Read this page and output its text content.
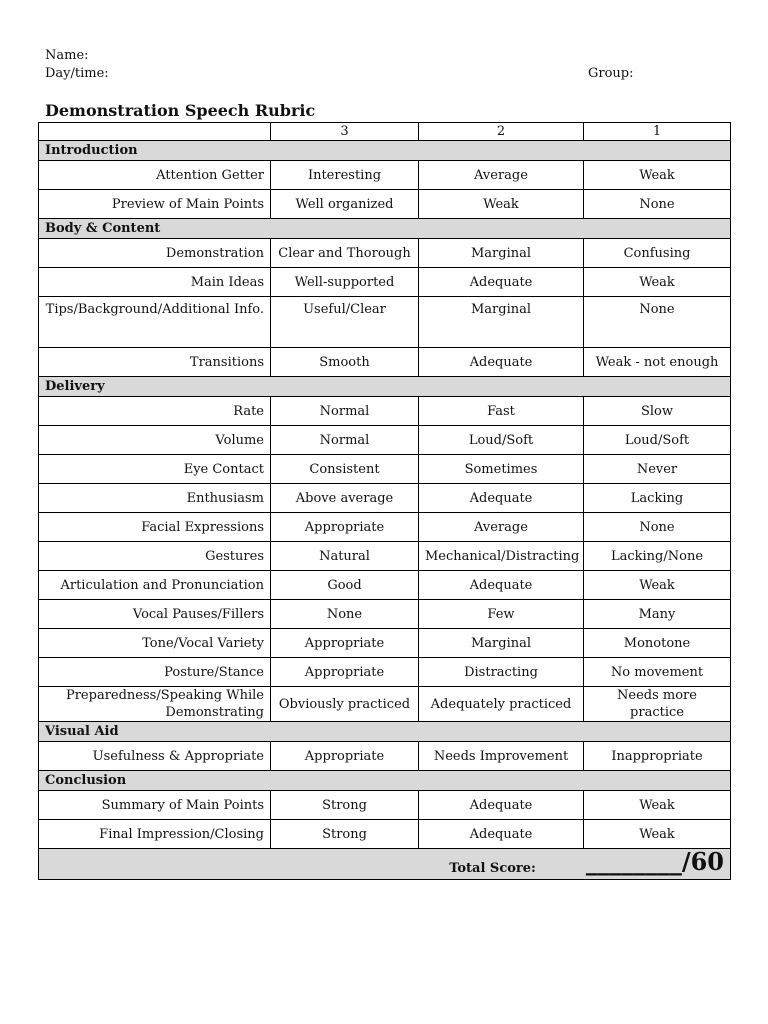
Name:
Day/time:	Group:
Demonstration Speech Rubric
	3	2	1
Introduction			
Attention Getter	Interesting	Average	Weak
Preview of Main Points	Well organized	Weak	None
Body & Content			
Demonstration	Clear and Thorough	Marginal	Confusing
Main Ideas	Well-supported	Adequate	Weak
Tips/Background/Additional Info.	Useful/Clear	Marginal	None
Transitions	Smooth	Adequate	Weak - not enough
Delivery			
Rate	Normal	Fast	Slow
Volume	Normal	Loud/Soft	Loud/Soft
Eye Contact	Consistent	Sometimes	Never
Enthusiasm	Above average	Adequate	Lacking
Facial Expressions	Appropriate	Average	None
Gestures	Natural	Mechanical/Distracting	Lacking/None
Articulation and Pronunciation	Good	Adequate	Weak
Vocal Pauses/Fillers	None	Few	Many
Tone/Vocal Variety	Appropriate	Marginal	Monotone
Posture/Stance	Appropriate	Distracting	No movement
Preparedness/Speaking While Demonstrating	Obviously practiced	Adequately practiced	Needs more practice
Visual Aid			
Usefulness & Appropriate	Appropriate	Needs Improvement	Inappropriate
Conclusion			
Summary of Main Points	Strong	Adequate	Weak
Final Impression/Closing	Strong	Adequate	Weak
Total Score: ________/60			
